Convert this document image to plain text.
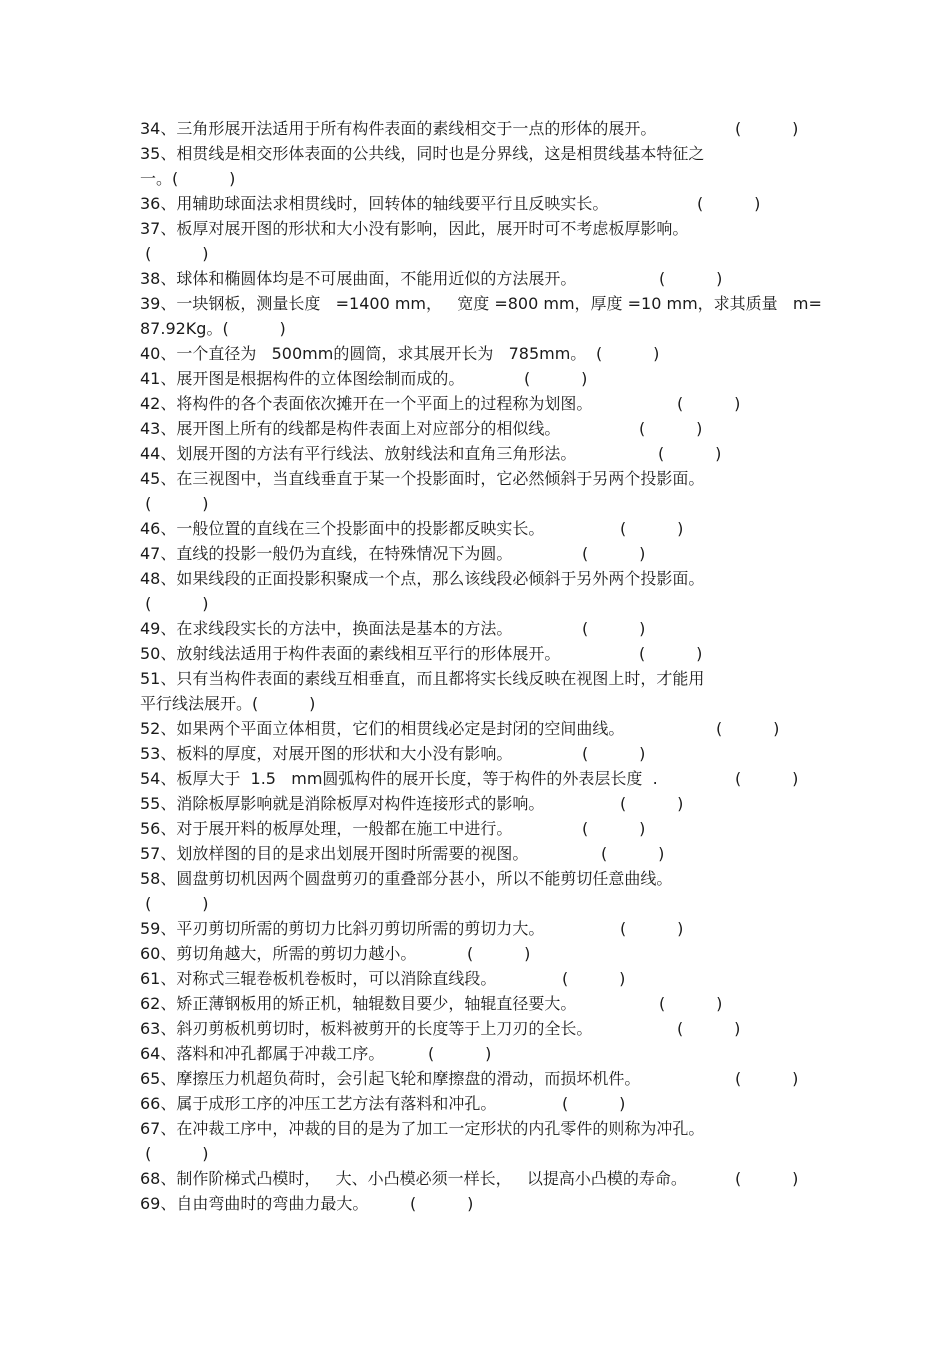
34、三角形展开法适用于所有构件表面的素线相交于一点的形体的展开。	(          )
35、相贯线是相交形体表面的公共线，同时也是分界线，这是相贯线基本特征之
一。(          )
36、用辅助球面法求相贯线时，回转体的轴线要平行且反映实长。	(          )
37、板厚对展开图的形状和大小没有影响，因此，展开时可不考虑板厚影响。
(          )
38、球体和椭圆体均是不可展曲面，不能用近似的方法展开。	(          )
39、一块钢板，测量长度   =1400 mm，   宽度 =800 mm，厚度 =10 mm，求其质量   m=
87.92Kg。(          )
40、一个直径为   500mm的圆筒，求其展开长为   785mm。 (          )
41、展开图是根据构件的立体图绘制而成的。	(          )
42、将构件的各个表面依次摊开在一个平面上的过程称为划图。	(          )
43、展开图上所有的线都是构件表面上对应部分的相似线。	(          )
44、划展开图的方法有平行线法、放射线法和直角三角形法。	(          )
45、在三视图中，当直线垂直于某一个投影面时，它必然倾斜于另两个投影面。
(          )
46、一般位置的直线在三个投影面中的投影都反映实长。	(          )
47、直线的投影一般仍为直线，在特殊情况下为圆。	(          )
48、如果线段的正面投影积聚成一个点，那么该线段必倾斜于另外两个投影面。
(          )
49、在求线段实长的方法中，换面法是基本的方法。	(          )
50、放射线法适用于构件表面的素线相互平行的形体展开。	(          )
51、只有当构件表面的素线互相垂直，而且都将实长线反映在视图上时，才能用
平行线法展开。(          )
52、如果两个平面立体相贯，它们的相贯线必定是封闭的空间曲线。	(          )
53、板料的厚度，对展开图的形状和大小没有影响。	(          )
54、板厚大于  1.5   mm圆弧构件的展开长度，等于构件的外表层长度  .	(          )
55、消除板厚影响就是消除板厚对构件连接形式的影响。	(          )
56、对于展开料的板厚处理，一般都在施工中进行。	(          )
57、划放样图的目的是求出划展开图时所需要的视图。	(          )
58、圆盘剪切机因两个圆盘剪刃的重叠部分甚小，所以不能剪切任意曲线。
(          )
59、平刃剪切所需的剪切力比斜刃剪切所需的剪切力大。	(          )
60、剪切角越大，所需的剪切力越小。	(          )
61、对称式三辊卷板机卷板时，可以消除直线段。	(          )
62、矫正薄钢板用的矫正机，轴辊数目要少，轴辊直径要大。	(          )
63、斜刃剪板机剪切时，板料被剪开的长度等于上刀刃的全长。	(          )
64、落料和冲孔都属于冲裁工序。	(          )
65、摩擦压力机超负荷时，会引起飞轮和摩擦盘的滑动，而损坏机件。	(          )
66、属于成形工序的冲压工艺方法有落料和冲孔。	(          )
67、在冲裁工序中，冲裁的目的是为了加工一定形状的内孔零件的则称为冲孔。
(          )
68、制作阶梯式凸模时，   大、小凸模必须一样长，   以提高小凸模的寿命。	(          )
69、自由弯曲时的弯曲力最大。	(          )
